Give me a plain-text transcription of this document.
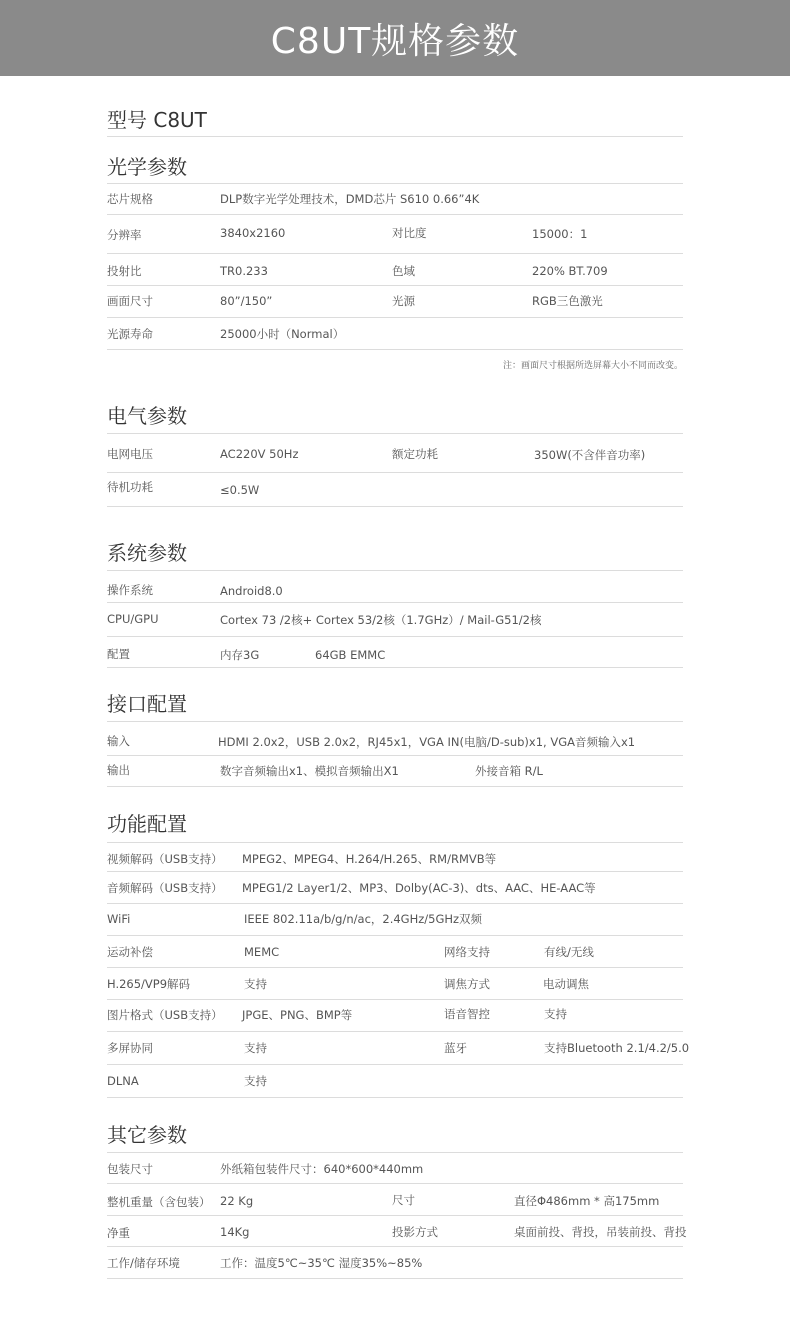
C8UT规格参数
型号 C8UT
光学参数
芯片规格	DLP数字光学处理技术，DMD芯片 S610 0.66”4K
分辨率	3840x2160	对比度	15000：1
投射比	TR0.233	色域	220% BT.709
画面尺寸	80”/150”	光源	RGB三色激光
光源寿命	25000小时（Normal）
注：画面尺寸根据所选屏幕大小不同而改变。
电气参数
电网电压	AC220V 50Hz	额定功耗	350W(不含伴音功率)
待机功耗	≤0.5W
系统参数
操作系统	Android8.0
CPU/GPU	Cortex 73 /2核+ Cortex 53/2核（1.7GHz）/ Mail-G51/2核
配置	内存3G	64GB EMMC
接口配置
输入	HDMI 2.0x2，USB 2.0x2，RJ45x1，VGA IN(电脑/D-sub)x1, VGA音频输入x1
输出	数字音频输出x1、模拟音频输出X1	外接音箱 R/L
功能配置
视频解码（USB支持） MPEG2、MPEG4、H.264/H.265、RM/RMVB等
音频解码（USB支持） MPEG1/2 Layer1/2、MP3、Dolby(AC-3)、dts、AAC、HE-AAC等
WiFi	IEEE 802.11a/b/g/n/ac，2.4GHz/5GHz双频
运动补偿	MEMC	网络支持	有线/无线
H.265/VP9解码	支持	调焦方式	电动调焦
图片格式（USB支持） JPGE、PNG、BMP等	语音智控	支持
多屏协同	支持	蓝牙	支持Bluetooth 2.1/4.2/5.0
DLNA	支持
其它参数
包装尺寸	外纸箱包装件尺寸：640*600*440mm
整机重量（含包装） 22 Kg	尺寸	直径Φ486mm * 高175mm
净重	14Kg	投影方式	桌面前投、背投，吊装前投、背投
工作/储存环境	工作：温度5℃~35℃ 湿度35%~85%
